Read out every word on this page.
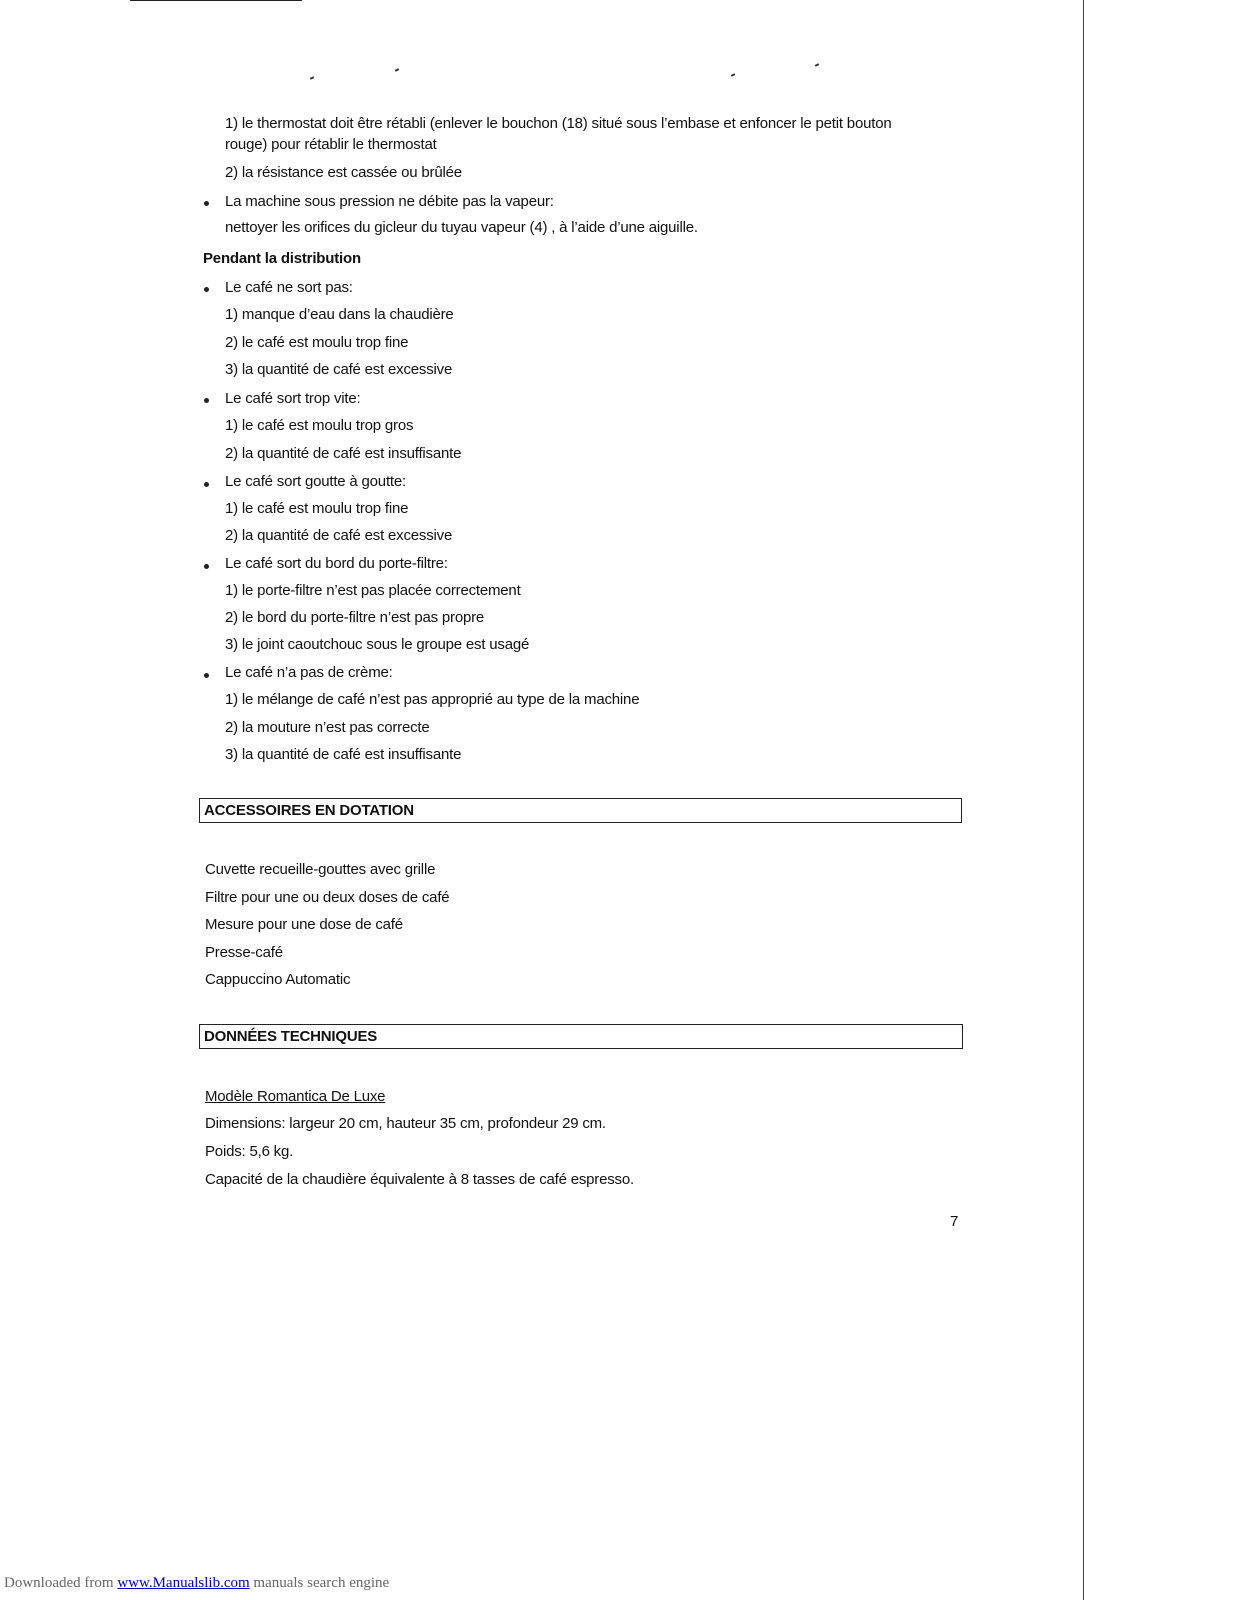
1) le thermostat doit être rétabli (enlever le bouchon (18) situé sous l’embase et enfoncer le petit bouton
rouge) pour rétablir le thermostat
2) la résistance est cassée ou brûlée
La machine sous pression ne débite pas la vapeur:
nettoyer les orifices du gicleur du tuyau vapeur (4) , à l’aide d’une aiguille.
Pendant la distribution
Le café ne sort pas:
1) manque d’eau dans la chaudière
2) le café est moulu trop fine
3) la quantité de café est excessive
Le café sort trop vite:
1) le café est moulu trop gros
2) la quantité de café est insuffisante
Le café sort goutte à goutte:
1) le café est moulu trop fine
2) la quantité de café est excessive
Le café sort du bord du porte-filtre:
1) le porte-filtre n’est pas placée correctement
2) le bord du porte-filtre n’est pas propre
3) le joint caoutchouc sous le groupe est usagé
Le café n’a pas de crème:
1) le mélange de café n’est pas approprié au type de la machine
2) la mouture n’est pas correcte
3) la quantité de café est insuffisante
ACCESSOIRES EN DOTATION
Cuvette recueille-gouttes avec grille
Filtre pour une ou deux doses de café
Mesure pour une dose de café
Presse-café
Cappuccino Automatic
DONNÉES TECHNIQUES
Modèle Romantica De Luxe
Dimensions: largeur 20 cm, hauteur 35 cm, profondeur 29 cm.
Poids: 5,6 kg.
Capacité de la chaudière équivalente à 8 tasses de café espresso.
7
Downloaded from www.Manualslib.com manuals search engine
